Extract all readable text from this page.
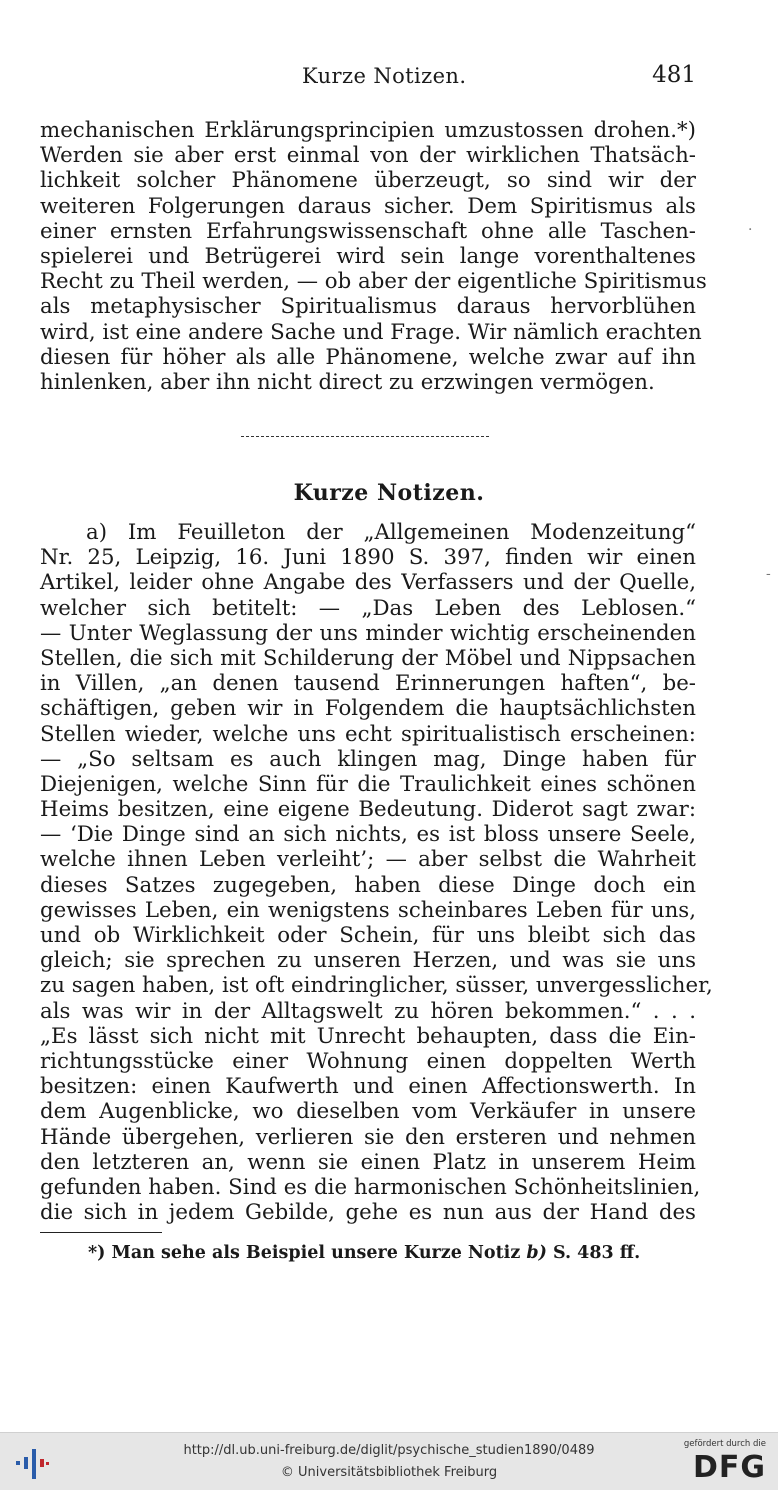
Kurze Notizen.	481
mechanischen Erklärungsprincipien umzustossen drohen.*)
Werden sie aber erst einmal von der wirklichen Thatsäch-
lichkeit solcher Phänomene überzeugt, so sind wir der
weiteren Folgerungen daraus sicher. Dem Spiritismus als
einer ernsten Erfahrungswissenschaft ohne alle Taschen-
spielerei und Betrügerei wird sein lange vorenthaltenes
Recht zu Theil werden, — ob aber der eigentliche Spiritismus
als metaphysischer Spiritualismus daraus hervorblühen
wird, ist eine andere Sache und Frage. Wir nämlich erachten
diesen für höher als alle Phänomene, welche zwar auf ihn
hinlenken, aber ihn nicht direct zu erzwingen vermögen.
Kurze Notizen.
a) Im Feuilleton der „Allgemeinen Modenzeitung“
Nr. 25, Leipzig, 16. Juni 1890 S. 397, finden wir einen
Artikel, leider ohne Angabe des Verfassers und der Quelle,
welcher sich betitelt: — „Das Leben des Leblosen.“
— Unter Weglassung der uns minder wichtig erscheinenden
Stellen, die sich mit Schilderung der Möbel und Nippsachen
in Villen, „an denen tausend Erinnerungen haften“, be-
schäftigen, geben wir in Folgendem die hauptsächlichsten
Stellen wieder, welche uns echt spiritualistisch erscheinen:
— „So seltsam es auch klingen mag, Dinge haben für
Diejenigen, welche Sinn für die Traulichkeit eines schönen
Heims besitzen, eine eigene Bedeutung. Diderot sagt zwar:
— ‘Die Dinge sind an sich nichts, es ist bloss unsere Seele,
welche ihnen Leben verleiht’; — aber selbst die Wahrheit
dieses Satzes zugegeben, haben diese Dinge doch ein
gewisses Leben, ein wenigstens scheinbares Leben für uns,
und ob Wirklichkeit oder Schein, für uns bleibt sich das
gleich; sie sprechen zu unseren Herzen, und was sie uns
zu sagen haben, ist oft eindringlicher, süsser, unvergesslicher,
als was wir in der Alltagswelt zu hören bekommen.“ . . .
„Es lässt sich nicht mit Unrecht behaupten, dass die Ein-
richtungsstücke einer Wohnung einen doppelten Werth
besitzen: einen Kaufwerth und einen Affectionswerth. In
dem Augenblicke, wo dieselben vom Verkäufer in unsere
Hände übergehen, verlieren sie den ersteren und nehmen
den letzteren an, wenn sie einen Platz in unserem Heim
gefunden haben. Sind es die harmonischen Schönheitslinien,
die sich in jedem Gebilde, gehe es nun aus der Hand des
*) Man sehe als Beispiel unsere Kurze Notiz b) S. 483 ff.
·
-
http://dl.ub.uni-freiburg.de/diglit/psychische_studien1890/0489
© Universitätsbibliothek Freiburg
gefördert durch die
DFG
